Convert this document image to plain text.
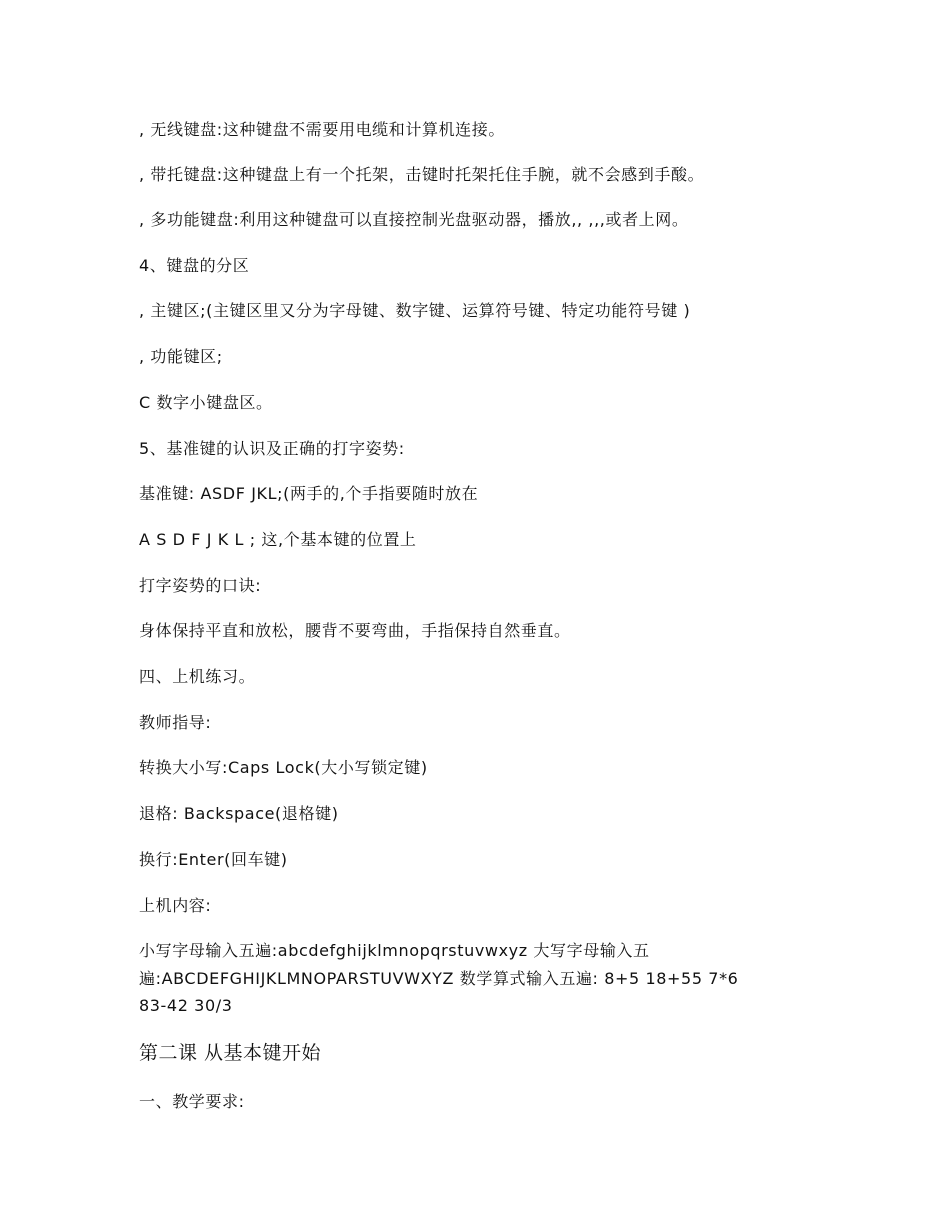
, 无线键盘:这种键盘不需要用电缆和计算机连接。
, 带托键盘:这种键盘上有一个托架，击键时托架托住手腕，就不会感到手酸。
, 多功能键盘:利用这种键盘可以直接控制光盘驱动器，播放,, ,,,或者上网。
4、键盘的分区
, 主键区;(主键区里又分为字母键、数字键、运算符号键、特定功能符号键 )
, 功能键区;
C 数字小键盘区。
5、基准键的认识及正确的打字姿势:
基准键: ASDF JKL;(两手的,个手指要随时放在
A S D F J K L ; 这,个基本键的位置上
打字姿势的口诀:
身体保持平直和放松，腰背不要弯曲，手指保持自然垂直。
四、上机练习。
教师指导:
转换大小写:Caps Lock(大小写锁定键)
退格: Backspace(退格键)
换行:Enter(回车键)
上机内容:
小写字母输入五遍:abcdefghijklmnopqrstuvwxyz 大写字母输入五
遍:ABCDEFGHIJKLMNOPARSTUVWXYZ 数学算式输入五遍: 8+5 18+55 7*6
83-42 30/3
第二课 从基本键开始
一、教学要求:
